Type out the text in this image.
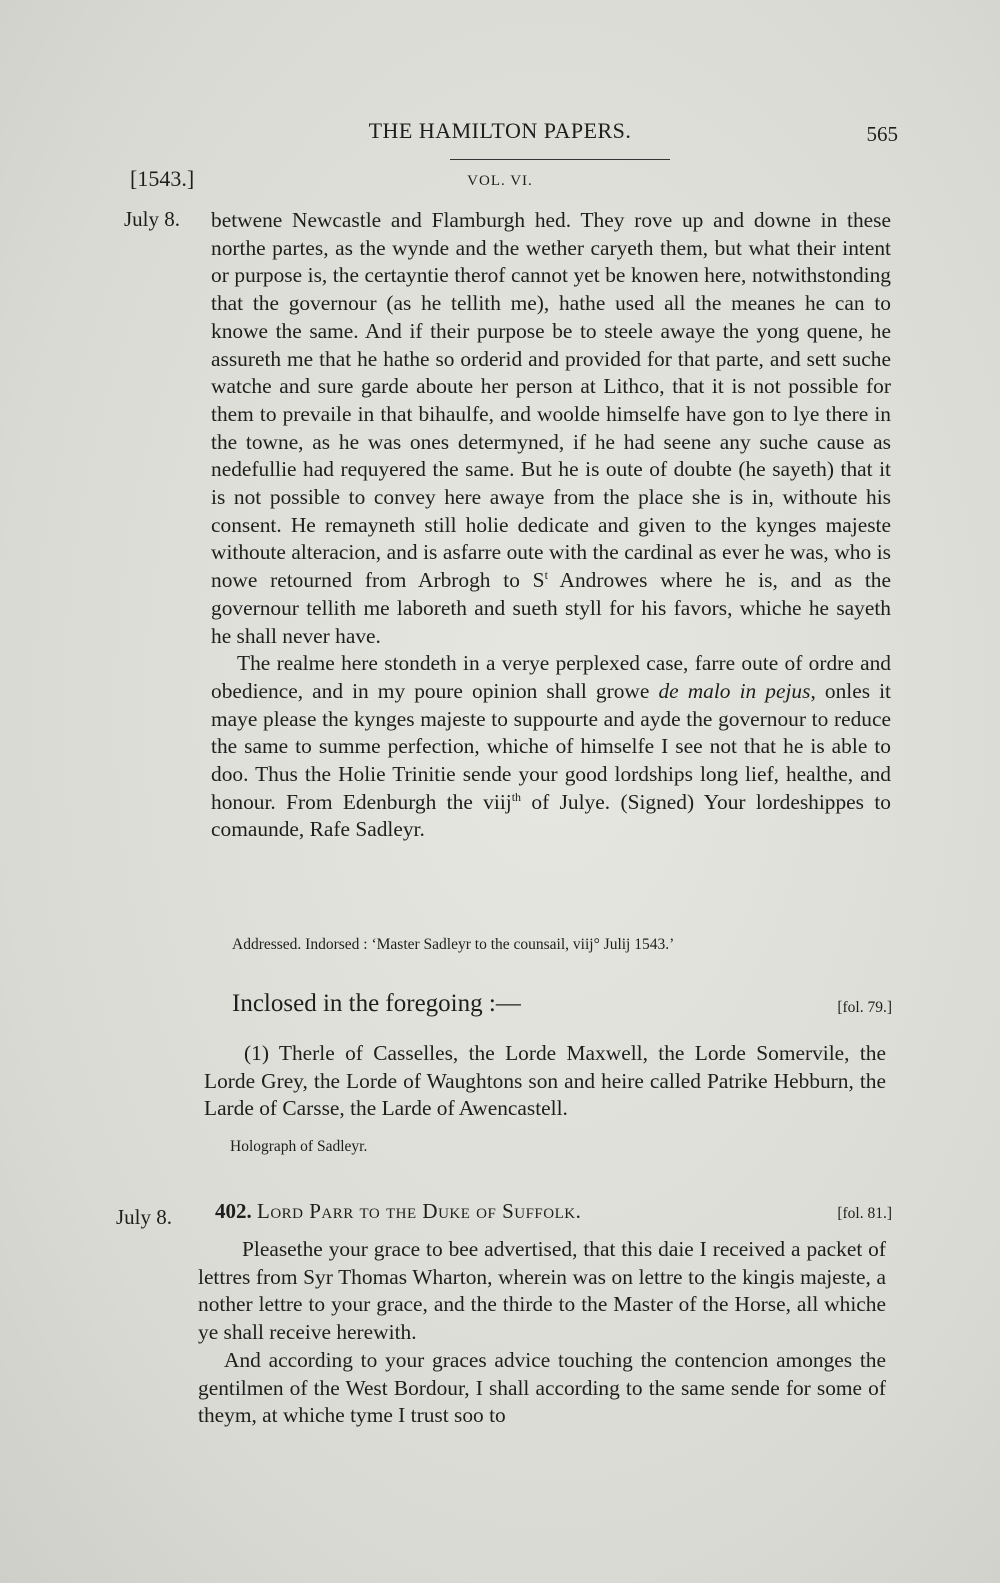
THE HAMILTON PAPERS.	565
[1543.]	VOL. VI.
July 8. betwene Newcastle and Flamburgh hed. They rove up and downe in these northe partes, as the wynde and the wether caryeth them, but what their intent or purpose is, the certayntie therof cannot yet be knowen here, notwithstonding that the governour (as he tellith me), hathe used all the meanes he can to knowe the same. And if their purpose be to steele awaye the yong quene, he assureth me that he hathe so orderid and provided for that parte, and sett suche watche and sure garde aboute her person at Lithco, that it is not possible for them to prevaile in that bihaulfe, and woolde himselfe have gon to lye there in the towne, as he was ones determyned, if he had seene any suche cause as nedefullie had requyered the same. But he is oute of doubte (he sayeth) that it is not possible to convey here awaye from the place she is in, withoute his consent. He remayneth still holie dedicate and given to the kynges majeste withoute alteracion, and is asfarre oute with the cardinal as ever he was, who is nowe retourned from Arbrogh to $S^t$ Androwes where he is, and as the governour tellith me laboreth and sueth styll for his favors, whiche he sayeth he shall never have.

The realme here stondeth in a verye perplexed case, farre oute of ordre and obedience, and in my poure opinion shall growe de malo in pejus, onles it maye please the kynges majeste to suppourte and ayde the governour to reduce the same to summe perfection, whiche of himselfe I see not that he is able to doo. Thus the Holie Trinitie sende your good lordships long lief, healthe, and honour. From Edenburgh the viij$^{th}$ of Julye. (Signed) Your lordeshippes to comaunde, Rafe Sadleyr.

Addressed. Indorsed : ‘Master Sadleyr to the counsail, viij° Julij 1543.’
Inclosed in the foregoing :—	[fol. 79.]

(1) Therle of Casselles, the Lorde Maxwell, the Lorde Somervile, the Lorde Grey, the Lorde of Waughtons son and heire called Patrike Hebburn, the Larde of Carsse, the Larde of Awencastell.

Holograph of Sadleyr.
July 8. 402. Lord Parr to the Duke of Suffolk.	[fol. 81.]

Pleasethe your grace to bee advertised, that this daie I received a packet of lettres from Syr Thomas Wharton, wherein was on lettre to the kingis majeste, a nother lettre to your grace, and the thirde to the Master of the Horse, all whiche ye shall receive herewith.

And according to your graces advice touching the contencion amonges the gentilmen of the West Bordour, I shall according to the same sende for some of theym, at whiche tyme I trust soo to
